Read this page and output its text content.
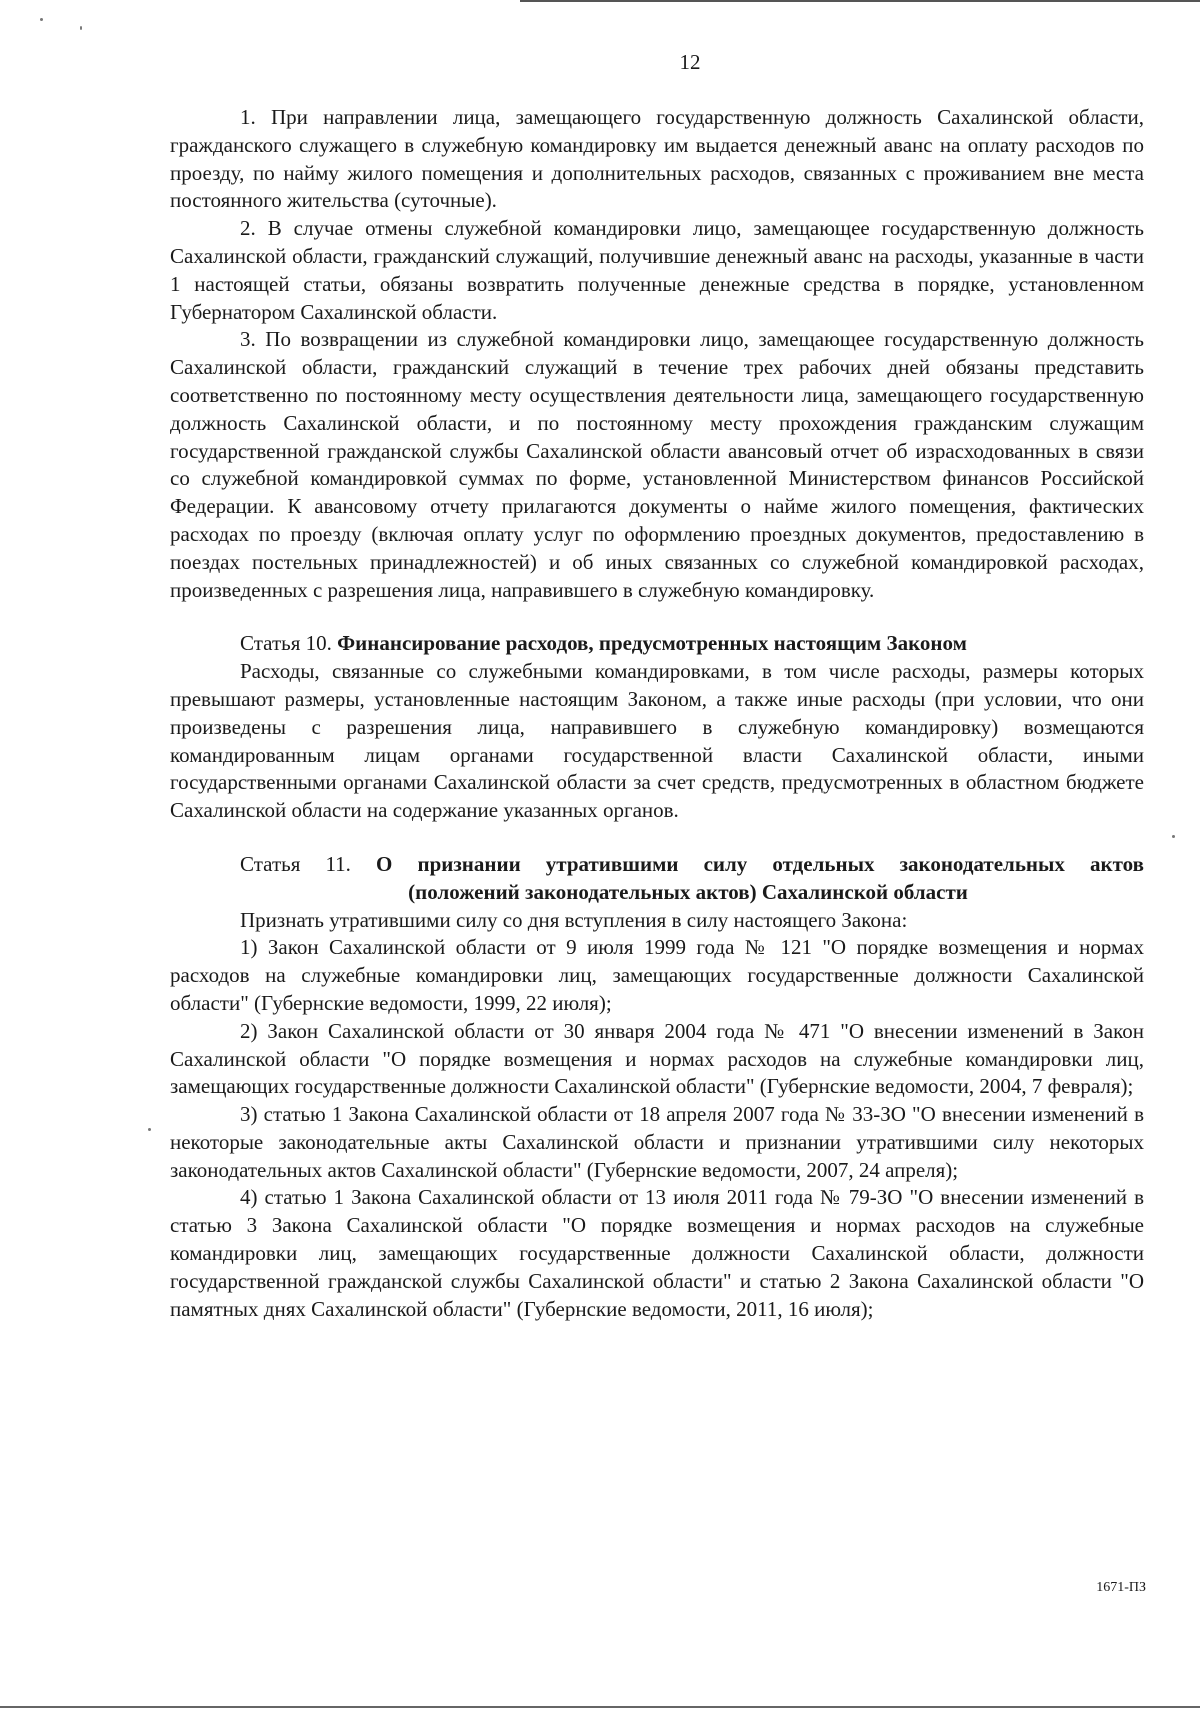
12

1. При направлении лица, замещающего государственную должность Сахалинской области, гражданского служащего в служебную командировку им выдается денежный аванс на оплату расходов по проезду, по найму жилого помещения и дополнительных расходов, связанных с проживанием вне места постоянного жительства (суточные).

2. В случае отмены служебной командировки лицо, замещающее государственную должность Сахалинской области, гражданский служащий, получившие денежный аванс на расходы, указанные в части 1 настоящей статьи, обязаны возвратить полученные денежные средства в порядке, установленном Губернатором Сахалинской области.

3. По возвращении из служебной командировки лицо, замещающее государственную должность Сахалинской области, гражданский служащий в течение трех рабочих дней обязаны представить соответственно по постоянному месту осуществления деятельности лица, замещающего государственную должность Сахалинской области, и по постоянному месту прохождения гражданским служащим государственной гражданской службы Сахалинской области авансовый отчет об израсходованных в связи со служебной командировкой суммах по форме, установленной Министерством финансов Российской Федерации. К авансовому отчету прилагаются документы о найме жилого помещения, фактических расходах по проезду (включая оплату услуг по оформлению проездных документов, предоставлению в поездах постельных принадлежностей) и об иных связанных со служебной командировкой расходах, произведенных с разрешения лица, направившего в служебную командировку.

Статья 10. Финансирование расходов, предусмотренных настоящим Законом

Расходы, связанные со служебными командировками, в том числе расходы, размеры которых превышают размеры, установленные настоящим Законом, а также иные расходы (при условии, что они произведены с разрешения лица, направившего в служебную командировку) возмещаются командированным лицам органами государственной власти Сахалинской области, иными государственными органами Сахалинской области за счет средств, предусмотренных в областном бюджете Сахалинской области на содержание указанных органов.

Статья 11. О признании утратившими силу отдельных законодательных актов

(положений законодательных актов) Сахалинской области

Признать утратившими силу со дня вступления в силу настоящего Закона:

1) Закон Сахалинской области от 9 июля 1999 года № 121 "О порядке возмещения и нормах расходов на служебные командировки лиц, замещающих государственные должности Сахалинской области" (Губернские ведомости, 1999, 22 июля);

2) Закон Сахалинской области от 30 января 2004 года № 471 "О внесении изменений в Закон Сахалинской области "О порядке возмещения и нормах расходов на служебные командировки лиц, замещающих государственные должности Сахалинской области" (Губернские ведомости, 2004, 7 февраля);

3) статью 1 Закона Сахалинской области от 18 апреля 2007 года № 33-ЗО "О внесении изменений в некоторые законодательные акты Сахалинской области и признании утратившими силу некоторых законодательных актов Сахалинской области" (Губернские ведомости, 2007, 24 апреля);

4) статью 1 Закона Сахалинской области от 13 июля 2011 года № 79-ЗО "О внесении изменений в статью 3 Закона Сахалинской области "О порядке возмещения и нормах расходов на служебные командировки лиц, замещающих государственные должности Сахалинской области, должности государственной гражданской службы Сахалинской области" и статью 2 Закона Сахалинской области "О памятных днях Сахалинской области" (Губернские ведомости, 2011, 16 июля);

1671-ПЗ
